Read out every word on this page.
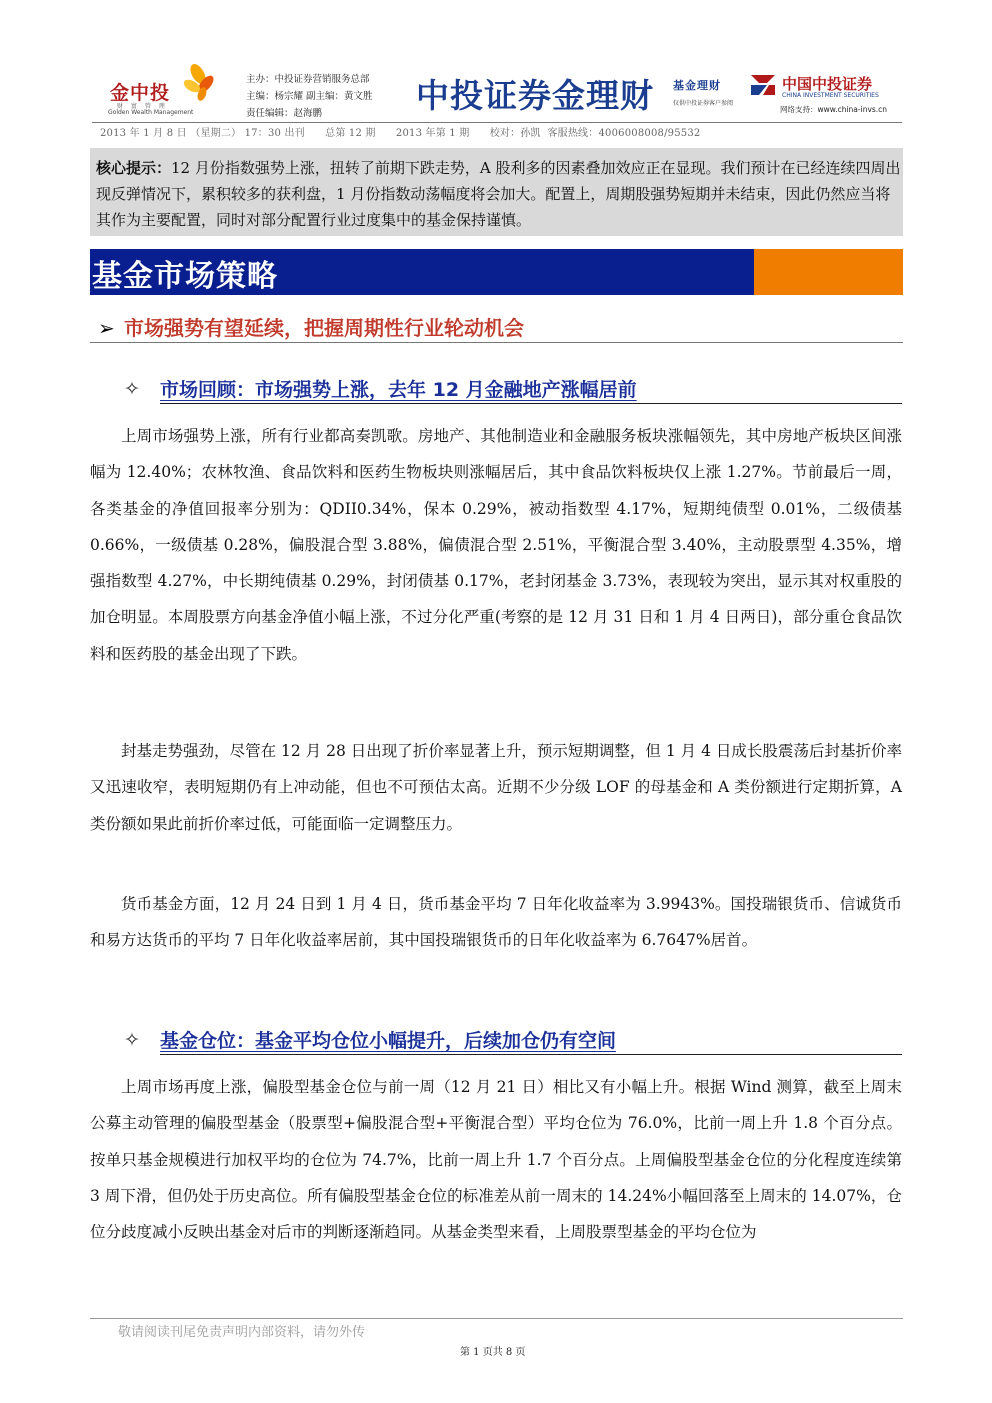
金中投
财 富 管 理
Golden Wealth Management
主办：中投证券营销服务总部
主编：杨宗耀 副主编：黄文胜
责任编辑：赵海鹏	中投证券金理财 基金理财
仅供中投证券客户参阅
中国中投证券
CHINA INVESTMENT SECURITIES
网络支持：www.china-invs.cn
2013 年 1 月 8 日 （星期二） 17：30 出刊      总第 12 期      2013 年第 1 期      校对：孙凯  客服热线：4006008008/95532
核心提示：12 月份指数强势上涨，扭转了前期下跌走势，A 股利多的因素叠加效应正在显现。我们预计在已经连续四周出现反弹情况下，累积较多的获利盘，1 月份指数动荡幅度将会加大。配置上，周期股强势短期并未结束，因此仍然应当将其作为主要配置，同时对部分配置行业过度集中的基金保持谨慎。
基金市场策略
➢ 市场强势有望延续，把握周期性行业轮动机会
✧ 市场回顾：市场强势上涨，去年 12 月金融地产涨幅居前
上周市场强势上涨，所有行业都高奏凯歌。房地产、其他制造业和金融服务板块涨幅领先，其中房地产板块区间涨幅为 12.40%；农林牧渔、食品饮料和医药生物板块则涨幅居后，其中食品饮料板块仅上涨 1.27%。节前最后一周，各类基金的净值回报率分别为：QDII0.34%，保本 0.29%，被动指数型 4.17%，短期纯债型 0.01%，二级债基 0.66%，一级债基 0.28%，偏股混合型 3.88%，偏债混合型 2.51%，平衡混合型 3.40%，主动股票型 4.35%，增强指数型 4.27%，中长期纯债基 0.29%，封闭债基 0.17%，老封闭基金 3.73%，表现较为突出，显示其对权重股的加仓明显。本周股票方向基金净值小幅上涨，不过分化严重(考察的是 12 月 31 日和 1 月 4 日两日)，部分重仓食品饮料和医药股的基金出现了下跌。
封基走势强劲，尽管在 12 月 28 日出现了折价率显著上升，预示短期调整，但 1 月 4 日成长股震荡后封基折价率又迅速收窄，表明短期仍有上冲动能，但也不可预估太高。近期不少分级 LOF 的母基金和 A 类份额进行定期折算，A 类份额如果此前折价率过低，可能面临一定调整压力。
货币基金方面，12 月 24 日到 1 月 4 日，货币基金平均 7 日年化收益率为 3.9943%。国投瑞银货币、信诚货币和易方达货币的平均 7 日年化收益率居前，其中国投瑞银货币的日年化收益率为 6.7647%居首。
✧ 基金仓位：基金平均仓位小幅提升，后续加仓仍有空间
上周市场再度上涨，偏股型基金仓位与前一周（12 月 21 日）相比又有小幅上升。根据 Wind 测算，截至上周末公募主动管理的偏股型基金（股票型+偏股混合型+平衡混合型）平均仓位为 76.0%，比前一周上升 1.8 个百分点。按单只基金规模进行加权平均的仓位为 74.7%，比前一周上升 1.7 个百分点。上周偏股型基金仓位的分化程度连续第 3 周下滑，但仍处于历史高位。所有偏股型基金仓位的标准差从前一周末的 14.24%小幅回落至上周末的 14.07%，仓位分歧度减小反映出基金对后市的判断逐渐趋同。从基金类型来看，上周股票型基金的平均仓位为
敬请阅读刊尾免责声明内部资料，请勿外传
第 1 页共 8 页
